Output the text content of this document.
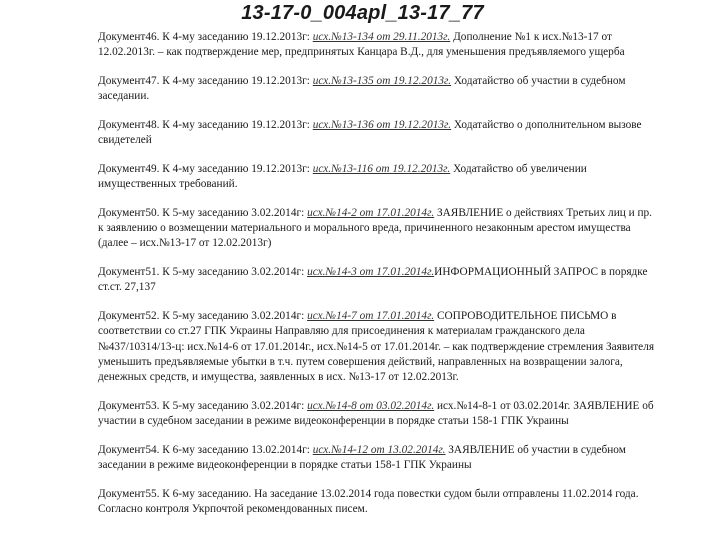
13-17-0_004apl_13-17_77

Документ46. К 4-му заседанию 19.12.2013г: исх.№13-134 от 29.11.2013г. Дополнение №1 к исх.№13-17 от 12.02.2013г. – как подтверждение мер, предпринятых Канцара В.Д., для уменьшения предъявляемого ущерба

Документ47. К 4-му заседанию 19.12.2013г: исх.№13-135 от 19.12.2013г. Ходатайство об участии в судебном заседании.

Документ48. К 4-му заседанию 19.12.2013г: исх.№13-136 от 19.12.2013г. Ходатайство о дополнительном вызове свидетелей

Документ49. К 4-му заседанию 19.12.2013г: исх.№13-116 от 19.12.2013г. Ходатайство об увеличении имущественных требований.

Документ50. К 5-му заседанию 3.02.2014г: исх.№14-2 от 17.01.2014г. ЗАЯВЛЕНИЕ о действиях Третьих лиц и пр. к заявлению о возмещении материального и морального вреда, причиненного незаконным арестом имущества (далее – исх.№13-17 от 12.02.2013г)

Документ51. К 5-му заседанию 3.02.2014г: исх.№14-3 от 17.01.2014г.ИНФОРМАЦИОННЫЙ ЗАПРОС в порядке ст.ст. 27,137

Документ52. К 5-му заседанию 3.02.2014г: исх.№14-7 от 17.01.2014г. СОПРОВОДИТЕЛЬНОЕ ПИСЬМО в соответствии со ст.27 ГПК Украины Направляю для присоединения к материалам гражданского дела №437/10314/13-ц: исх.№14-6 от 17.01.2014г., исх.№14-5 от 17.01.2014г. – как подтверждение стремления Заявителя уменьшить предъявляемые убытки в т.ч. путем совершения действий, направленных на возвращении залога, денежных средств, и имущества, заявленных в исх. №13-17 от 12.02.2013г.

Документ53. К 5-му заседанию 3.02.2014г: исх.№14-8 от 03.02.2014г. исх.№14-8-1 от 03.02.2014г. ЗАЯВЛЕНИЕ об участии в судебном заседании в режиме видеоконференции в порядке статьи 158-1 ГПК Украины

Документ54. К 6-му заседанию 13.02.2014г: исх.№14-12 от 13.02.2014г. ЗАЯВЛЕНИЕ об участии в судебном заседании в режиме видеоконференции в порядке статьи 158-1 ГПК Украины

Документ55. К 6-му заседанию. На заседание 13.02.2014 года повестки судом были отправлены 11.02.2014 года. Согласно контроля Укрпочтой рекомендованных писем.
